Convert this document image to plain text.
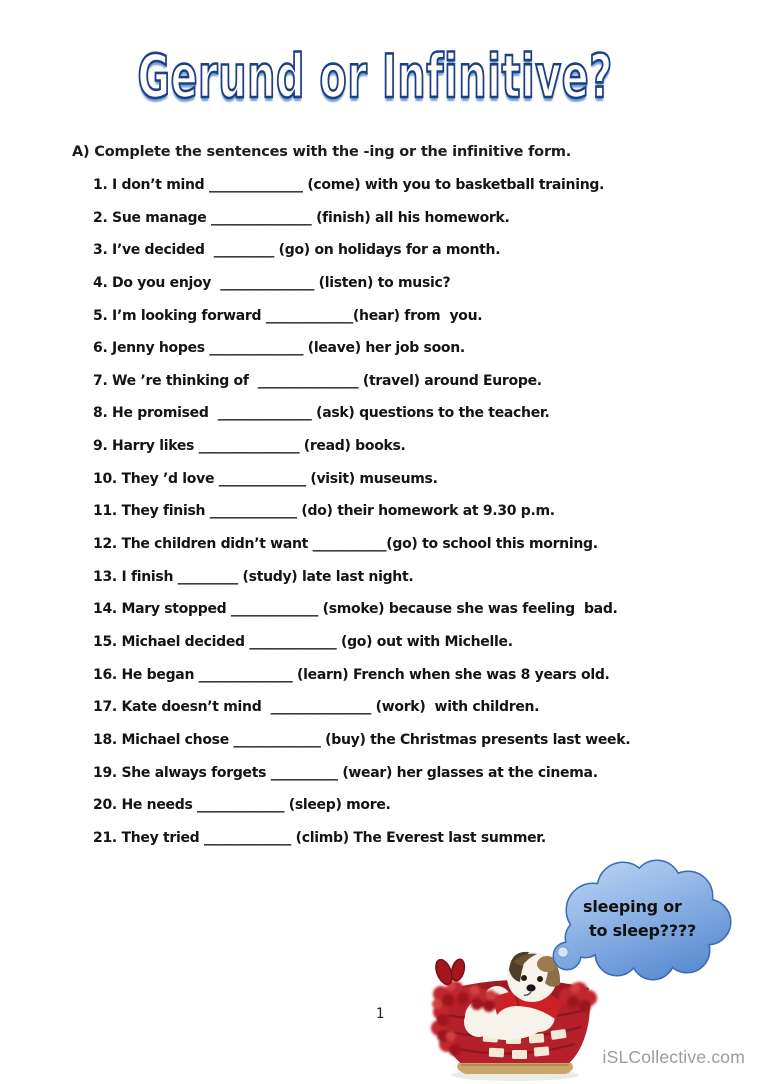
Gerund or Infinitive?
A) Complete the sentences with the -ing or the infinitive form.
1. I don’t mind ______________ (come) with you to basketball training.
2. Sue manage _______________ (finish) all his homework.
3. I’ve decided  _________ (go) on holidays for a month.
4. Do you enjoy  ______________ (listen) to music?
5. I’m looking forward _____________(hear) from  you.
6. Jenny hopes ______________ (leave) her job soon.
7. We ’re thinking of  _______________ (travel) around Europe.
8. He promised  ______________ (ask) questions to the teacher.
9. Harry likes _______________ (read) books.
10. They ’d love _____________ (visit) museums.
11. They finish _____________ (do) their homework at 9.30 p.m.
12. The children didn’t want ___________(go) to school this morning.
13. I finish _________ (study) late last night.
14. Mary stopped _____________ (smoke) because she was feeling  bad.
15. Michael decided _____________ (go) out with Michelle.
16. He began ______________ (learn) French when she was 8 years old.
17. Kate doesn’t mind  _______________ (work)  with children.
18. Michael chose _____________ (buy) the Christmas presents last week.
19. She always forgets __________ (wear) her glasses at the cinema.
20. He needs _____________ (sleep) more.
21. They tried _____________ (climb) The Everest last summer.
sleeping or
to sleep????
1
iSLCollective.com
